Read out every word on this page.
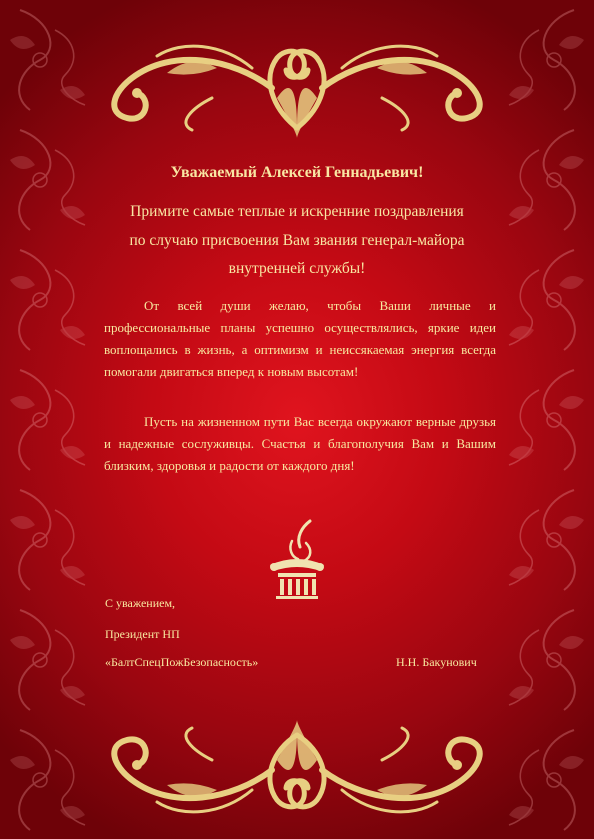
Уважаемый Алексей Геннадьевич!

Примите самые теплые и искренние поздравления
по случаю присвоения Вам звания генерал-майора
внутренней службы!

От всей души желаю, чтобы Ваши личные и профессиональные планы успешно осуществлялись, яркие идеи воплощались в жизнь, а оптимизм и неиссякаемая энергия всегда помогали двигаться вперед к новым высотам!

Пусть на жизненном пути Вас всегда окружают верные друзья и надежные сослуживцы. Счастья и благополучия Вам и Вашим близким, здоровья и радости от каждого дня!

С уважением,

Президент НП

«БалтСпецПожБезопасность»	Н.Н. Бакунович
